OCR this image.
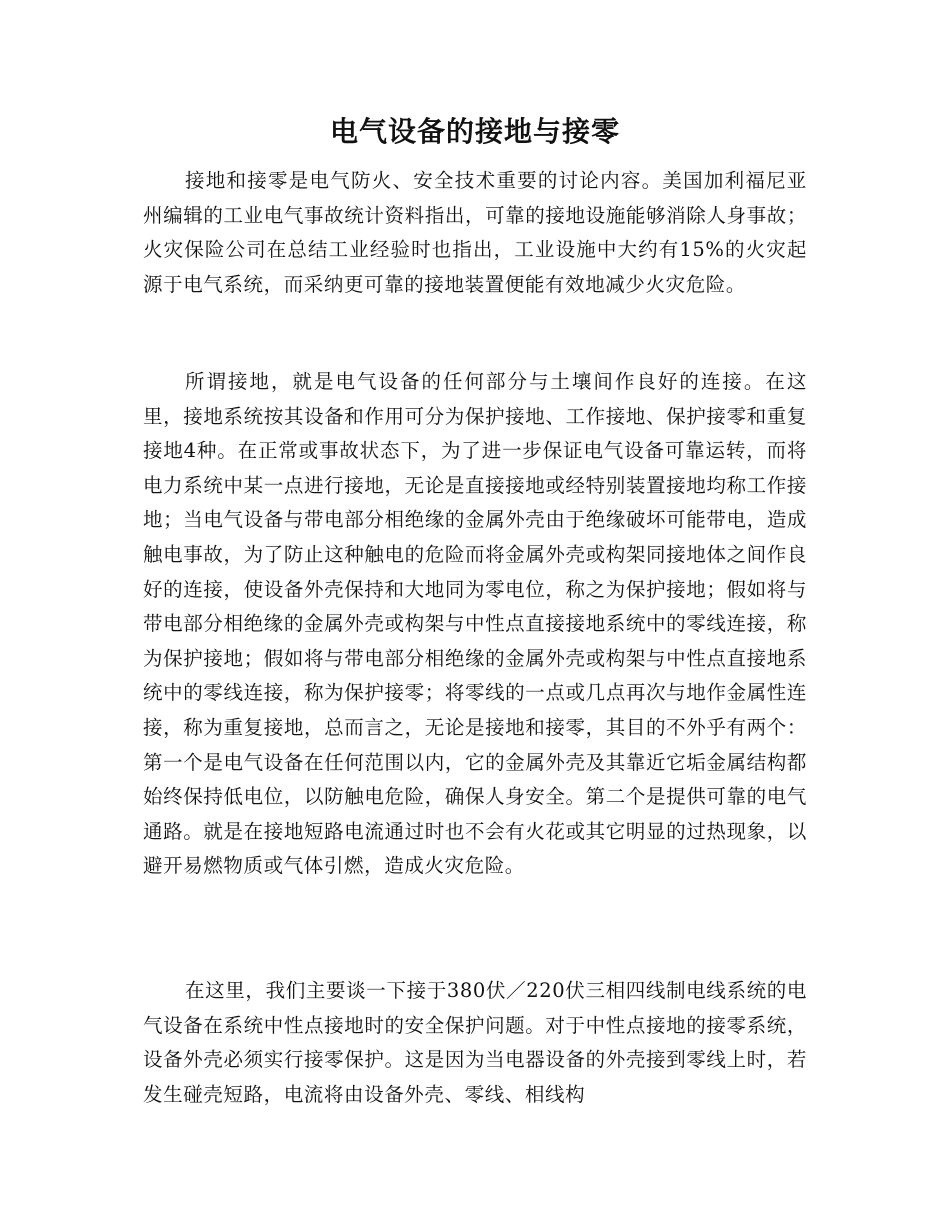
电气设备的接地与接零
接地和接零是电气防火、安全技术重要的讨论内容。美国加利福尼亚州编辑的工业电气事故统计资料指出，可靠的接地设施能够消除人身事故；火灾保险公司在总结工业经验时也指出，工业设施中大约有15%的火灾起源于电气系统，而采纳更可靠的接地装置便能有效地减少火灾危险。
所谓接地，就是电气设备的任何部分与土壤间作良好的连接。在这里，接地系统按其设备和作用可分为保护接地、工作接地、保护接零和重复接地4种。在正常或事故状态下，为了进一步保证电气设备可靠运转，而将电力系统中某一点进行接地，无论是直接接地或经特别装置接地均称工作接地；当电气设备与带电部分相绝缘的金属外壳由于绝缘破坏可能带电，造成触电事故，为了防止这种触电的危险而将金属外壳或构架同接地体之间作良好的连接，使设备外壳保持和大地同为零电位，称之为保护接地；假如将与带电部分相绝缘的金属外壳或构架与中性点直接接地系统中的零线连接，称为保护接地；假如将与带电部分相绝缘的金属外壳或构架与中性点直接地系统中的零线连接，称为保护接零；将零线的一点或几点再次与地作金属性连接，称为重复接地，总而言之，无论是接地和接零，其目的不外乎有两个：第一个是电气设备在任何范围以内，它的金属外壳及其靠近它垢金属结构都始终保持低电位，以防触电危险，确保人身安全。第二个是提供可靠的电气通路。就是在接地短路电流通过时也不会有火花或其它明显的过热现象，以避开易燃物质或气体引燃，造成火灾危险。
在这里，我们主要谈一下接于380伏／220伏三相四线制电线系统的电气设备在系统中性点接地时的安全保护问题。对于中性点接地的接零系统，设备外壳必须实行接零保护。这是因为当电器设备的外壳接到零线上时，若发生碰壳短路，电流将由设备外壳、零线、相线构
